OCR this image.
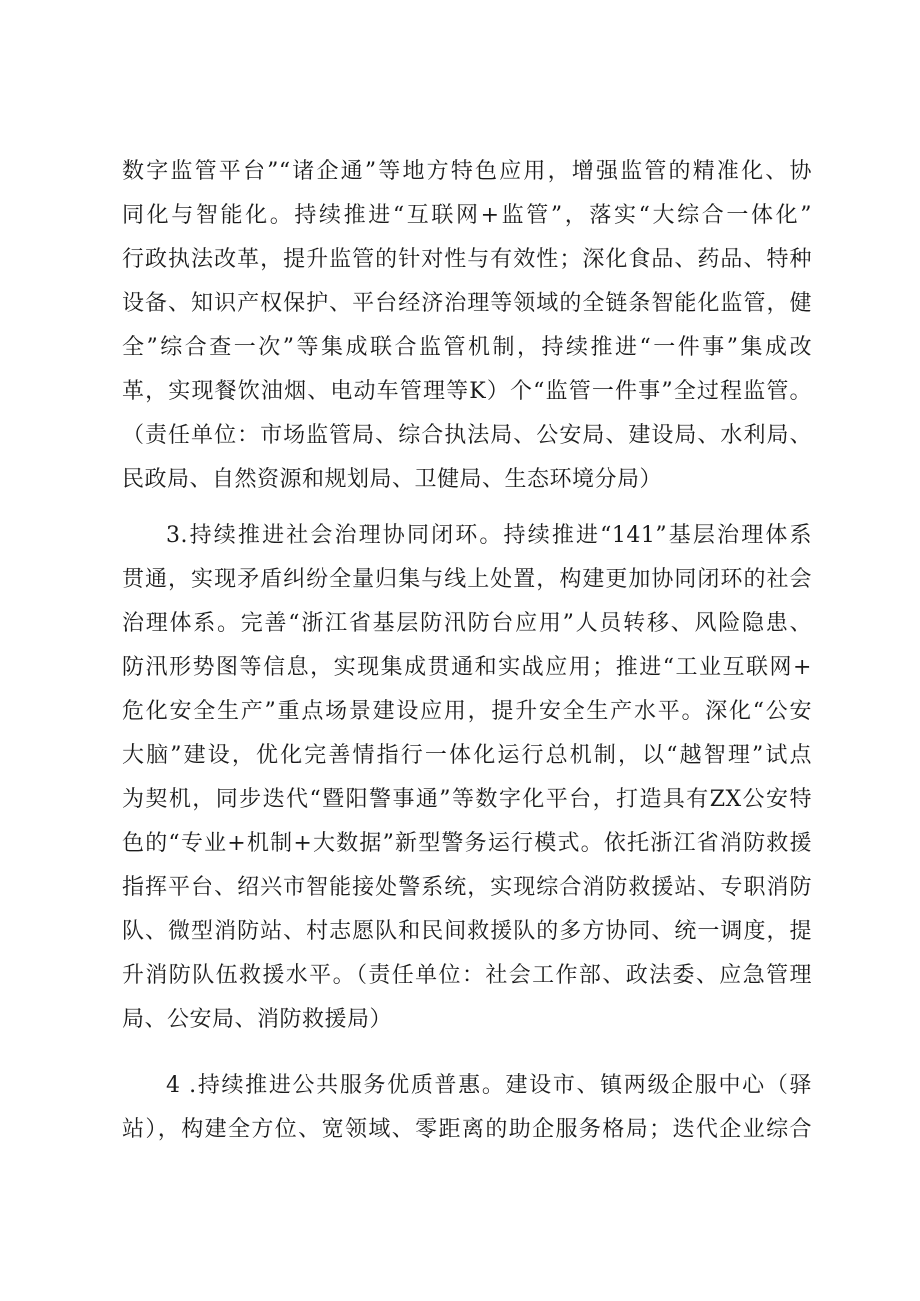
数字监管平台”“诸企通”等地方特色应用，增强监管的精准化、协
同化与智能化。持续推进“互联网+监管”，落实“大综合一体化”
行政执法改革，提升监管的针对性与有效性；深化食品、药品、特种
设备、知识产权保护、平台经济治理等领域的全链条智能化监管，健
全”综合查一次”等集成联合监管机制，持续推进“一件事”集成改
革，实现餐饮油烟、电动车管理等K）个“监管一件事”全过程监管。
（责任单位：市场监管局、综合执法局、公安局、建设局、水利局、
民政局、自然资源和规划局、卫健局、生态环境分局）
3.持续推进社会治理协同闭环。持续推进“141”基层治理体系
贯通，实现矛盾纠纷全量归集与线上处置，构建更加协同闭环的社会
治理体系。完善“浙江省基层防汛防台应用”人员转移、风险隐患、
防汛形势图等信息，实现集成贯通和实战应用；推进“工业互联网+
危化安全生产”重点场景建设应用，提升安全生产水平。深化“公安
大脑”建设，优化完善情指行一体化运行总机制，以“越智理”试点
为契机，同步迭代“暨阳警事通”等数字化平台，打造具有ZX公安特
色的“专业+机制+大数据”新型警务运行模式。依托浙江省消防救援
指挥平台、绍兴市智能接处警系统，实现综合消防救援站、专职消防
队、微型消防站、村志愿队和民间救援队的多方协同、统一调度，提
升消防队伍救援水平。（责任单位：社会工作部、政法委、应急管理
局、公安局、消防救援局）
4 .持续推进公共服务优质普惠。建设市、镇两级企服中心（驿
站），构建全方位、宽领域、零距离的助企服务格局；迭代企业综合
